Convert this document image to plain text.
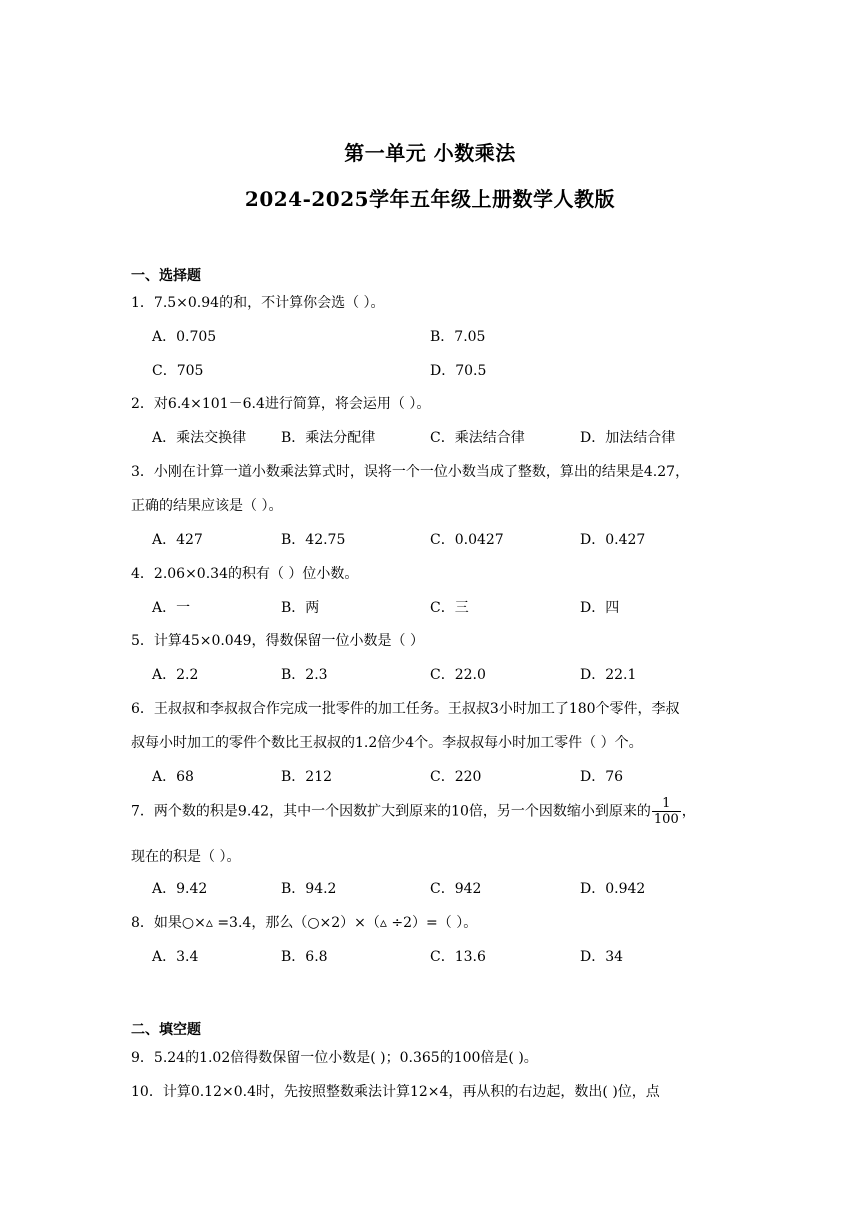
第一单元 小数乘法
2024-2025学年五年级上册数学人教版
一、选择题
1．7.5×0.94的和，不计算你会选（ ）。
A．0.705	B．7.05
C．705	D．70.5
2．对6.4×101－6.4进行简算，将会运用（ ）。
A．乘法交换律 B．乘法分配律	C．乘法结合律	D．加法结合律
3．小刚在计算一道小数乘法算式时，误将一个一位小数当成了整数，算出的结果是4.27，
正确的结果应该是（ ）。
A．427	B．42.75	C．0.0427	D．0.427
4．2.06×0.34的积有（ ）位小数。
A．一	B．两	C．三	D．四
5．计算45×0.049，得数保留一位小数是（ ）
A．2.2	B．2.3	C．22.0	D．22.1
6．王叔叔和李叔叔合作完成一批零件的加工任务。王叔叔3小时加工了180个零件，李叔
叔每小时加工的零件个数比王叔叔的1.2倍少4个。李叔叔每小时加工零件（ ）个。
A．68	B．212	C．220	D．76
7．两个数的积是9.42，其中一个因数扩大到原来的10倍，另一个因数缩小到原来的 $\frac{1}{100}$ ，
现在的积是（ ）。
A．9.42	B．94.2	C．942	D．0.942
8．如果○×▵ =3.4，那么（○×2）×（▵ ÷2）=（ ）。
A．3.4	B．6.8	C．13.6	D．34
二、填空题
9．5.24的1.02倍得数保留一位小数是( )；0.365的100倍是( )。
10．计算0.12×0.4时，先按照整数乘法计算12×4，再从积的右边起，数出( )位，点
